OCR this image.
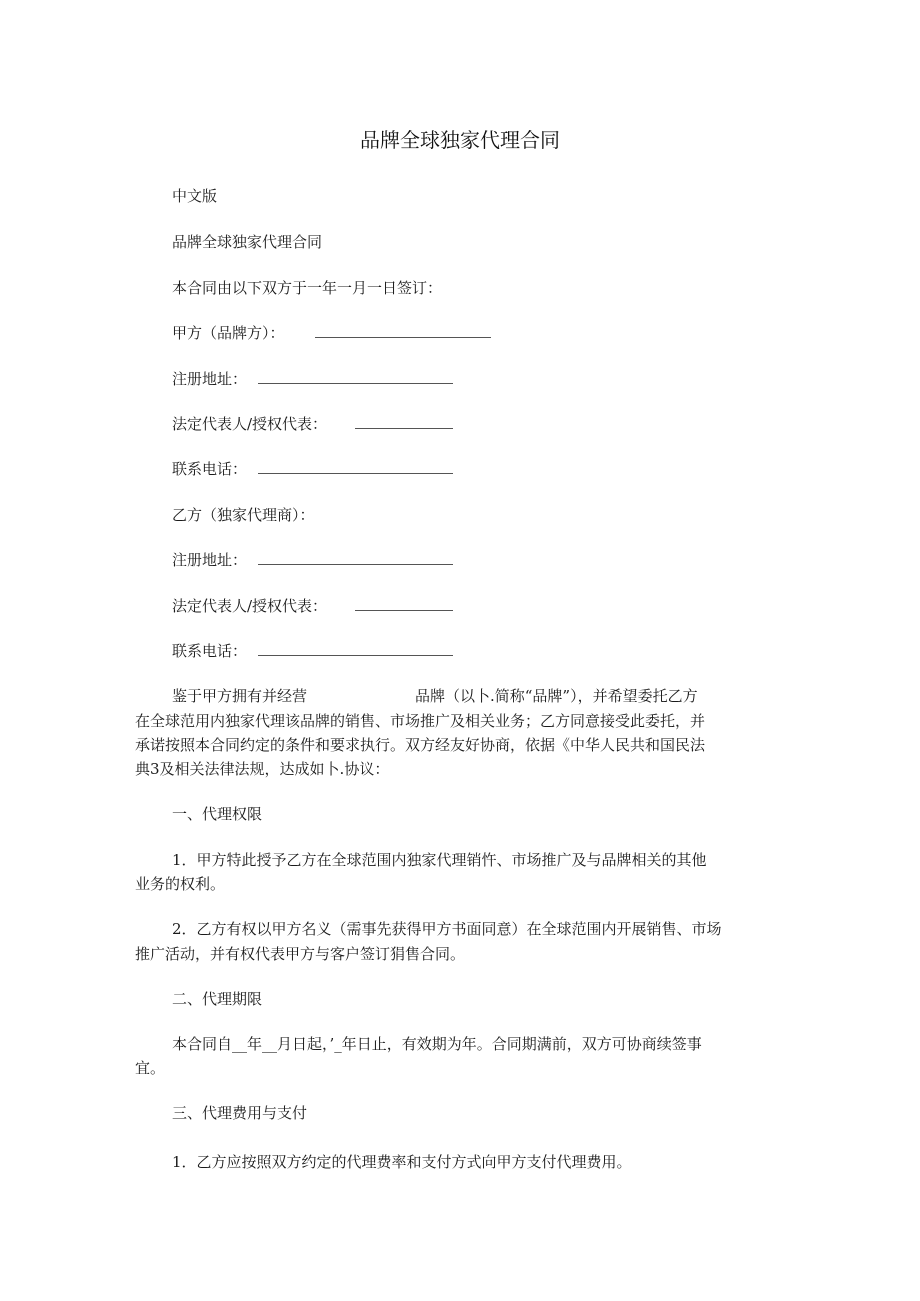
品牌全球独家代理合同
中文版
品牌全球独家代理合同
本合同由以下双方于一年一月一日签订：
甲方（品牌方）：
注册地址：
法定代表人/授权代表：
联系电话：
乙方（独家代理商）：
注册地址：
法定代表人/授权代表：
联系电话：
鉴于甲方拥有并经营	品牌（以卜.简称“品牌”），并希望委托乙方
在全球范用内独家代理该品牌的销售、市场推广及相关业务；乙方同意接受此委托，并
承诺按照本合同约定的条件和要求执行。双方经友好协商，依据《中华人民共和国民法
典3及相关法律法规，达成如卜.协议：
一、代理权限
1．甲方特此授予乙方在全球范围内独家代理销忤、市场推广及与品牌相关的其他
业务的权利。
2．乙方有权以甲方名义（需事先获得甲方书面同意）在全球范围内开展销售、市场
推广活动，并有权代表甲方与客户签订狷售合同。
二、代理期限
本合同自__年__月日起，’_年日止，有效期为年。合同期满前，双方可协商续签事
宜。
三、代理费用与支付
1．乙方应按照双方约定的代理费率和支付方式向甲方支付代理费用。
